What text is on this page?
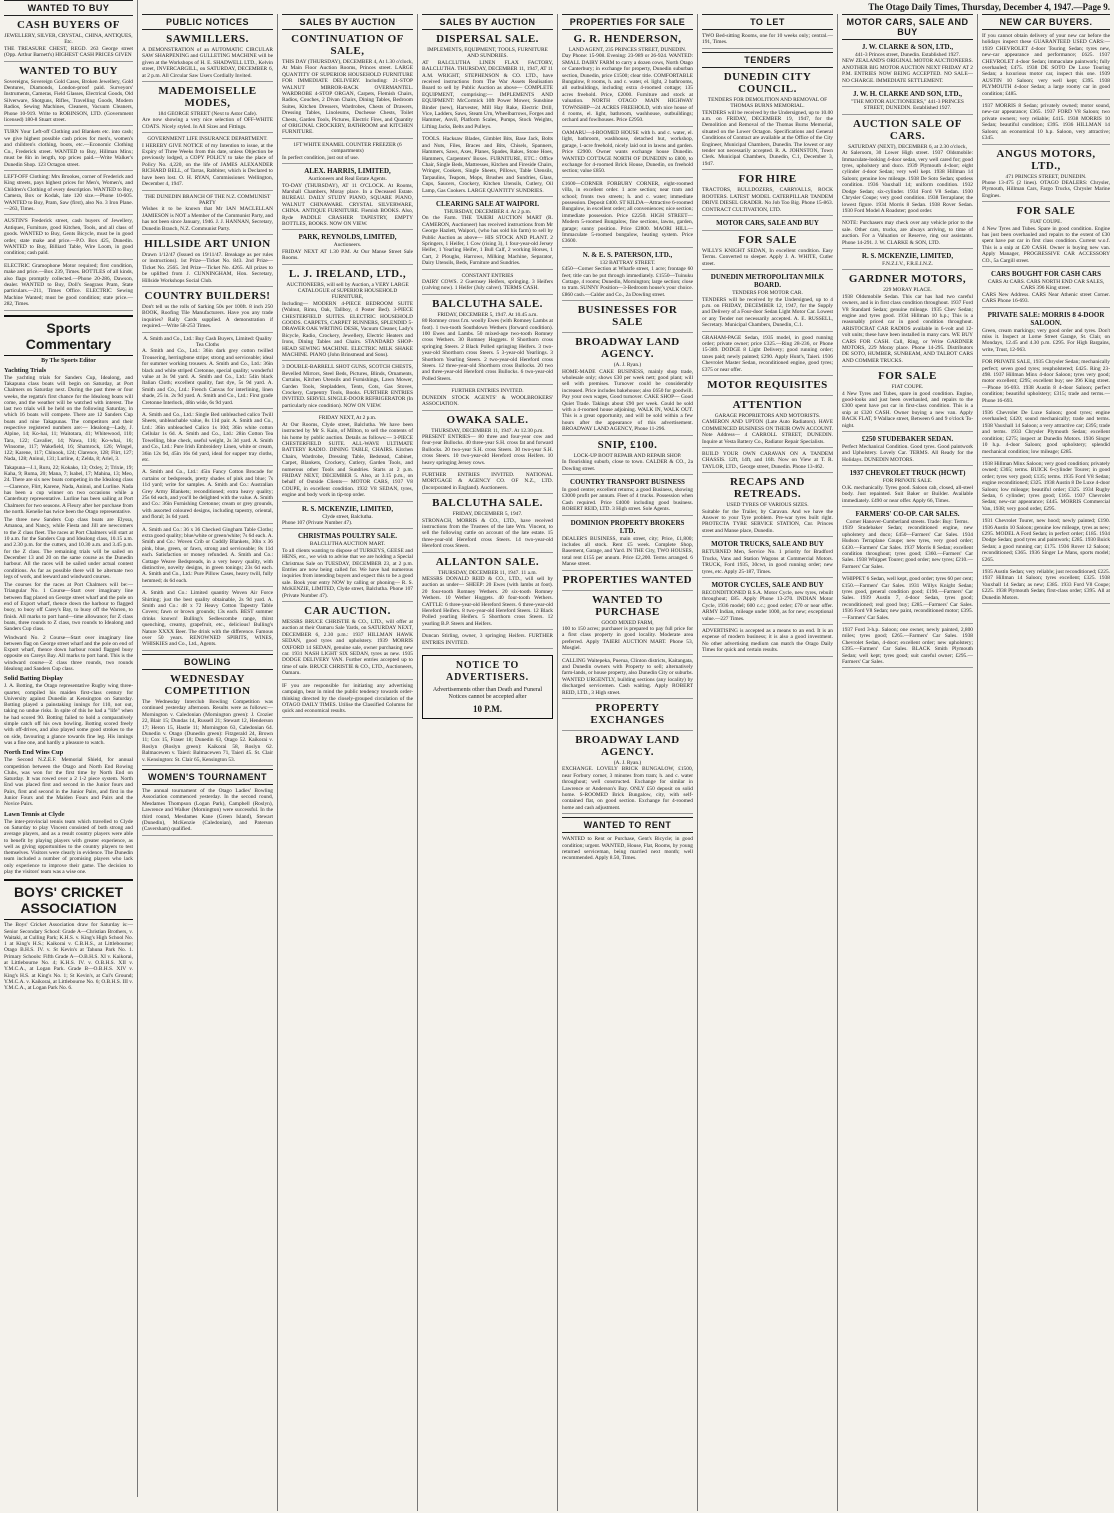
The Otago Daily Times, Thursday, December 4, 1947.—Page 9.
WANTED TO BUY
CASH BUYERS OF
JEWELLERY, SILVER, CRYSTAL, CHINA, ANTIQUES, Etc.
THE TREASURE CHEST, REGD. 263 George street (Opp. Arthur Barnett's) HIGHEST CASH PRICES GIVEN
WANTED TO BUY
Sovereigns, Sovereign Gold Cases, Broken Jewellery, Gold Dentures, Diamonds, London-proof paid. Surveyors' Instruments, Cameras, Field Glasses, Electrical Goods, Old Silverware, Shotguns, Rifles, Travelling Goods, Modern Radios, Sewing Machines, Cleaners, Vacuum Cleaners, Phone 10-919. Write to ROBINSON, LTD. (Government licensed) 180-8 Stuart street.
TURN Your Left-off Clothing and Blankets etc. into cash; we give highest possible cash prices for men's, women's and children's clothing, boots, etc.—Economic Clothing Co., Frederick street. WANTED to Buy, Hillman Minx; must be 8in in length, top prices paid.—Write Walker's Dunedin Shop. 123 Octagon street.
LEFT-OFF Clothing: Mrs Brookes, corner of Frederick and King streets, pays highest prices for Men's, Women's, and Children's Clothing of every description. WANTED to Buy, Camera, Box or Kodak, late 120 size.—Phone 10-605. WANTED to Buy, Pram, Saw (first), also No. 3 Iron Plane.—263, Times.
AUSTIN'S Frederick street, cash buyers of Jewellery, Antiques, Furniture, good Kitchen, Tools, and all class of goods. WANTED to Buy, Gents Bicycle, must be in good order, state make and price.—P.O. Box 425, Dunedin. WANTED to Buy, Billiard Table, Wire Loom, in good condition; cash paid.
ELECTRIC Gramophone Motor required; first condition, make and price.—Box 239, Times. BOTTLES of all kinds, also flags promptly collected.—Phone 20-286, Dawson, dealer. WANTED to Buy, Doll's Seagrass Pram, State particulars.—211, Times Office. ELECTRIC Sewing Machine Wanted; must be good condition; state price.—282, Times.
Sports Commentary
By The Sports Editor
Yachting Trials

The yachting trials for Sanders Cup, Idealong, and Takapuna class boats will begin on Saturday, at Port Chalmers on Saturday next. During the past three or four weeks, the regatta's first chance for the Idealong boats will come, and the weather will be watched with interest. The last two trials will be held on the following Saturday, in which 16 boats will compete. There are 12 Sanders Cup boats and nine Takapunas. The competitors and their respective registered numbers are:— Idealong—Lady, J. Alpine, 14; Ko-hai, 11; Waitotara, 41; Whitewood, 110; Tara, 122; Cavalier, 14; Nawa, 116; Ko-whai, 16; Winsome, 117; Wakefield, 16; Shamrock, 126; Wingel, 122; Karene, 117; Chinook, 124; Clarence, 128; Flirt, 127; Nada, 128; Aninui, 131; Lurline, 4; Zelda, 8; Ariel, 3.

Takapuna—J.1, Ruru, 22; Kokako, 13; Oxley, 2; Trixie, 19; Kaha, 9; Ruma, 20; Mana, 7; Isabel, 17; Mahina, 13; Meo, 24. There are six new boats competing in the Idealong class—Clarence, Flirt, Karene, Nada, Aninui, and Lurline. Nada has been a cup winner on two occasions while a Canterbury representative. Lurline has been sailing at Port Chalmers for two seasons. A Fleury after her purchase from the north. Kenelie has twice been the Otago representative.

The three new Sanders Cup class boats are Elyssa, Amanoa, and Nancy, while Fiesta and Jill are newcomers to the Z class fleet. The races at Port Chalmers will start at 10 a.m. for the Sanders Cup and Idealong class, 10.15 a.m. and 2.30 p.m. for the cutters, and 10.30 a.m. and 3.45 p.m. for the Z class. The remaining trials will be sailed on December 13 and 20 on the same course as the Dunedin harbour. All the races will be sailed under actual contest conditions. As far as possible there will be alternate two legs of work, and leeward and windward courses.

The courses for the races at Port Chalmers will be:— Triangular No. 1 Course—Start over imaginary line between flag placed on George street wharf and the pole on end of Export wharf, thence down the harbour to flagged buoy, to buoy off Carey's Bay, to buoy off the Warren, to finish. All marks to port hand—time allowance; for Z class boats, three rounds to Z class, two rounds to Idealong and Sanders Cup class.

Windward No. 2 Course—Start over imaginary line between flag on George street wharf and the pole on end of Export wharf, thence down harbour round flagged buoy opposite on Careys Bay. All marks to port hand. This is the windward course—Z class three rounds, two rounds Idealong and Sanders Cup class.

Solid Batting Display

J. A. Botting, the Otago representative Rugby wing three-quarter, compiled his maiden first-class century for University against Dunedin at Kensington on Saturday. Botting played a painstaking innings for 110, not out, taking no undue risks. In spite of this he had a "life" when he had scored 90. Botting failed to hold a comparatively simple catch off his own bowling. Botting scored freely with off-drives, and also played some good strokes to the on side, favouring a glance towards fine leg. His innings was a fine one, and hardly a pleasure to watch.

North End Wins Cup

The Second N.Z.E.F. Memorial Shield, for annual competition between the Otago and North End Rowing Clubs, was won for the first time by North End on Saturday. It was rowed over a 2 1-2 piece system. North End was placed first and second in the Junior fours and Pairs, first and second in the Junior Pairs, and first in the Junior Fours and the Maiden Fours and Pairs and the Novice Pairs.

Lawn Tennis at Clyde

The inter-provincial tennis team which travelled to Clyde on Saturday to play Vincent consisted of both strong and average players, and as a result country players were able to benefit by playing players with greater experience, as well as giving opportunities to the country players to test themselves. Visitors were clearly in evidence. The Dunedin team included a number of promising players who lack only experience to improve their game. The decision to play the visitors' team was a wise one.

BOYS' CRICKET ASSOCIATION

The Boys' Cricket Association draw for Saturday is:— Senior Secondary School: Grade A—Christian Brothers, v. Waitaki, at Culling Park; K.H.S. v. King's High School No. 1 at King's H.S.; Kaikorai v. C.B.H.S., at Littlebourne; Otago B.H.S. IV. v. St Kevin's at Tahuna Park No. 1. Primary Schools: Fifth Grade A—O.B.H.S. XI v. Kaikorai, at Littlebourne No. 4; K.H.S. IV. v. O.B.H.S. XII v. Y.M.C.A., at Logan Park. Grade B—O.B.H.S. XIV v. King's H.S. at King's No. 1; St Kevin's, at Cul's Ground; Y.M.C.A. v. Kaikorai, at Littlebourne No. 6; O.B.H.S. III v. Y.M.C.A., at Logan Park No. 6.

PUBLIC NOTICES
SAWMILLERS.
A DEMONSTRATION of an AUTOMATIC CIRCULAR SAW SHARPENING and GULLETING MACHINE will be given at the Workshops of H. E. SHADWELL LTD., Kelvin street, INVERCARGILL, on SATURDAY, DECEMBER 6, at 2 p.m. All Circular Saw Users Cordially Invited.
MADEMOISELLE MODES,
184 GEORGE STREET (Next to Astor Cafe).
Are now showing a very nice selection of OFF-WHITE COATS. Nicely styled. In All Sizes and Fittings.
GOVERNMENT LIFE INSURANCE DEPARTMENT.
I HEREBY GIVE NOTICE of my Intention to issue, at the Expiry of Three Weeks from this date, unless Objection be previously lodged, a COPY POLICY to take the place of Policy No. 4,220, on the life of JAMES ALEXANDER RICHARD BELL, of Tarras, Rabbiter, which is Declared to have been lost. O. H. RYAN, Commissioner. Wellington, December 4, 1947.
THE DUNEDIN BRANCH OF THE N.Z. COMMUNIST PARTY
Wishes it to be known that Mr IAN MACLELLAN JAMIESON is NOT a Member of the Communist Party, and has not been since January, 1946. J. J. HANNAN, Secretary, Dunedin Branch, N.Z. Communist Party.
HILLSIDE ART UNION
Drawn 1/12/47 (Issued on 19/11/47. Breakage as per rules or instructions). 1st Prize—Ticket No. 843. 2nd Prize—Ticket No. 2565. 3rd Prize—Ticket No. 4265. All prizes to be uplifted from J. CUNNINGHAM, Hon. Secretary, Hillside Workshops Social Club.
COUNTRY BUILDERS!
Don't tell us the rolls of Sarking 50s per 100ft. 8 inch 250 BOOK, Roofing Tile Manufacturers. Have you any trade inquiries? Rally Cards supplied. A demonstration if required.—Write 58-253 Times.
A. Smith and Co., Ltd.: Buy Cash Buyers, Limited: Quality Tea Cloths
A. Smith and Co., Ltd.: 36in dark grey cotton twilled Trousering, herringbone stripe; strong and serviceable; ideal for summer working trousers. A. Smith and Co., Ltd.: 36in black and white striped Cretonne, special quality; wonderful value at 3s 9d yard. A. Smith and Co., Ltd.: 54in black Italian Cloth; excellent quality, fast dye, 5s 9d yard. A. Smith and Co., Ltd.: French Canvas for interlining, linen shade, 25 in. 2s 9d yard. A. Smith and Co., Ltd.: First grade Cretonne Interlock, 48in wide, 6s 9d yard.
A. Smith and Co., Ltd.: Single Bed unbleached calico Twill Sheets, unbleachable value, 8s 11d pair. A. Smith and Co., Ltd.: 36in unbleached Calico 1s 10d; 36in white cotton Cellular 1s 6d. A. Smith and Co., Ltd.: 28in Cotton Tea Towelling, blue check, useful weight, 2s 3d yard. A. Smith and Co., Ltd.: Pure Irish Embroidery Linen, white or cream, 36in 12s 9d, 45in 16s 6d yard, ideal for supper tray cloths, etc.
A. Smith and Co., Ltd.: 45in Fancy Cotton Brocade for curtains or bedspreads, pretty shades of pink and blue; 7s 11d yard; write for samples. A. Smith and Co.: Australian Grey Army Blankets; reconditioned; extra heavy quality; 25s 6d each, and you'll be delighted with the value. A. Smith and Co.: 36in Furnishing Cretonne; cream or grey grounds, with assorted coloured designs, including tapestry, oriental, and floral; 3s 6d yard.
A. Smith and Co.: 36 x 36 Checked Gingham Table Cloths; extra good quality; blue/white or green/white; 7s 6d each. A. Smith and Co.: Woven Crib or Cuddly Blankets, 30in x 36 pink, blue, green, or fawn, strong and serviceable; 8s 11d each. Satisfaction or money refunded. A. Smith and Co.: Cottage Weave Bedspreads, in a very heavy quality, with distinctive, novelty designs, in green tonings; 23s 6d each. A. Smith and Co., Ltd.: Pure Pillow Cases, heavy twill, fully hemmed; 4s 6d each.
A. Smith and Co.: Limited quantity Woven Air Force Shirting; just the best quality obtainable, 2s 9d yard. A. Smith and Co.: 48 x 72 Heavy Cotton Tapestry Table Covers; fawn or brown grounds; 13s each. BEST summer drinks known! Bulling's Sedlescombe range, thirst quenching, creamy, grapefruit, etc., delicious! Bulling's Nature XXXX Beer. The drink with the difference. Famous over 50 years. RENOWNED SPIRITS, WINES, WHISKIES and Co., Ltd., Agents.
BOWLING
WEDNESDAY COMPETITION
The Wednesday Interclub Bowling Competition was continued yesterday afternoon. Results were as follows:— Mornington v. Caledonian (Mornington green): J. Crozier 22, Blair 15; Dundas 14, Russell 21; Stewart 12, Henderson 17; Heron 15, Hastie 11; Mornington 63, Caledonian 64. Dunedin v. Otago (Dunedin green): Fitzgerald 24, Brown 11; Cox 15, Fraser 18; Dunedin 63, Otago 52. Kaikorai v. Roslyn (Roslyn green): Kaikorai 58, Roslyn 62. Balmacewen v. Taieri: Balmacewen 71, Taieri 45. St. Clair v. Kensington: St. Clair 65, Kensington 53.
WOMEN'S TOURNAMENT
The annual tournament of the Otago Ladies' Bowling Association commenced yesterday. In the second round, Mesdames Thompson (Logan Park), Campbell (Roslyn), Lawrence and Walker (Mornington) were successful. In the third round, Mesdames Kane (Green Island), Stewart (Dunedin), McKenzie (Caledonian), and Paterson (Caversham) qualified.
SALES BY AUCTION
CONTINUATION OF SALE,
THIS DAY (THURSDAY), DECEMBER 4, At 1.30 o'clock,
At Main Floor Auction Rooms, Princes street. LARGE QUANTITY OF SUPERIOR HOUSEHOLD FURNITURE FOR IMMEDIATE DELIVERY. Including: 21-STOP WALNUT MIRROR-BACK OVERMANTEL. WARDROBE 4-STOP ORGAN, Carpets, Flemish Chairs, Radios, Couches, 2 Divan Chairs, Dining Tables, Bedroom Suites, Kitchen Dressers, Wardrobes, Chests of Drawers, Dressing Tables, Linoleums, Duchesse Chests, Toilet Chests, Garden Tools, Pictures, Electric Fires, and Quantity of ORIGINAL CROCKERY, BATHROOM and KITCHEN FURNITURE.
1FT WHITE ENAMEL COUNTER FREEZER (6 compartments)
In perfect condition, just out of use.
ALEX. HARRIS, LIMITED,
Auctioneers and Real Estate Agents.
TO-DAY (THURSDAY), AT 11 O'CLOCK. At Rooms, Marshall Chambers, Moray place. In a Deceased Estate. BUREAU. DAILY STUDY PIANO, SQUARE PIANO, WALNUT CHINAWARE. CRYSTAL SILVERWARE, CHINA. ANTIQUE FURNITURE. Flemish BOOKS. Also, Ryde PADDLE CRASHER TAPESTRY, EMPTY BOTTLES, BOOKS. NOW ON VIEW.
PARK, REYNOLDS, LIMITED,
Auctioneers.
FRIDAY NEXT AT 1.30 P.M. At Our Manse Street Sale Rooms.
L. J. IRELAND, LTD.,
AUCTIONEERS, will sell by Auction, a VERY LARGE CATALOGUE of SUPERIOR HOUSEHOLD FURNITURE,
Including— MODERN 4-PIECE BEDROOM SUITE (Walnut, Rimu, Oak, Tallboy, 4 Poster Bed). 3-PIECE CHESTERFIELD SUITES. ELECTRIC HOUSEHOLD GOODS. CARPETS, CARPET RUNNERS, SPLENDID 5-DRAWER OAK WRITING DESK, Vacuum Cleaner, Lady's Bicycle, Radio, Crockery, Jewellery, Electric Heaters and Irons, Dining Tables and Chairs. STANDARD SHOP-HEAD SEWING MACHINE. ELECTRIC MILK SHAKE MACHINE. PIANO (John Brinsmead and Sons).
3 DOUBLE-BARRELL SHOT GUNS, SCOTCH CHESTS, Bevelled Mirrors, Steel Beds, Pictures, Blinds, Ornaments, Curtains, Kitchen Utensils and Furnishings, Lawn Mower, Garden Tools, Stepladders, Tents, Cots, Gas Stoves, Crockery, Carpentry Tools, Books. FURTHER ENTRIES INVITED. SERVEL SINGLE-DOOR REFRIGERATOR (In particularly nice condition). NOW ON VIEW.
FRIDAY NEXT, At 2 p.m.
At Our Rooms, Clyde street, Balclutha. We have been instructed by Mr S. Kain, of Milton, to sell the contents of his home by public auction. Details as follows:— 3-PIECE CHESTERFIELD SUITE. ALL-WAVE ULTIMATE BATTERY RADIO. DINING TABLE, CHAIRS. Kitchen Chairs, Wardrobe, Dressing Table, Bedstead, Cabinet, Carpet, Blankets, Crockery, Cutlery, Garden Tools, and numerous other Tools and Sundries. Starts at 2 p.m. FRIDAY NEXT, DECEMBER 5. Also, at 3.15 p.m., on behalf of Outside Clients— MOTOR CARS, 1937 V8 COUPE, in excellent condition. 1932 V8 SEDAN, tyres, engine and body work in tip-top order.
R. S. MCKENZIE, LIMITED,
Clyde street, Balclutha.
Phone 107 (Private Number 47).
CHRISTMAS POULTRY SALE.
BALCLUTHA AUCTION MART.
To all clients wanting to dispose of TURKEYS, GEESE and HENS, etc., we wish to advise that we are holding a Special Christmas Sale on TUESDAY, DECEMBER 23, at 2 p.m. Entries are now being called for. We have had numerous inquiries from intending buyers and expect this to be a good sale. Book your entry NOW by calling or phoning— R. S. McKENZIE, LIMITED, Clyde street, Balclutha. Phone 107 (Private Number 47).
CAR AUCTION.
MESSRS BRUCE CHRISTIE & CO., LTD., will offer at auction at their Oamaru Sale Yards, on SATURDAY NEXT, DECEMBER 6, 2.30 p.m.: 1937 HILLMAN HAWK SEDAN, good tyres and upholstery. 1939 MORRIS OXFORD 14 SEDAN, genuine sale, owner purchasing new car. 1931 NASH LIGHT SIX SEDAN, tyres as new. 1935 DODGE DELIVERY VAN. Further entries accepted up to time of sale. BRUCE CHRISTIE & CO., LTD., Auctioneers, Oamaru.
IF you are responsible for initiating any advertising campaign, bear in mind the public tendency towards order-thinking directed by the closely-grouped circulation of the OTAGO DAILY TIMES. Utilise the Classified Columns for quick and economical results.
SALES BY AUCTION
DISPERSAL SALE.
IMPLEMENTS, EQUIPMENT, TOOLS, FURNITURE AND SUNDRIES.
AT BALCLUTHA LINEN FLAX FACTORY, BALCLUTHA. THURSDAY, DECEMBER 11, 1947, AT 11 A.M. WRIGHT, STEPHENSON & CO. LTD., have received instructions from The War Assets Realisation Board to sell by Public Auction as above— COMPLETE EQUIPMENT, comprising:— IMPLEMENTS AND EQUIPMENT: McCormick 10ft Power Mower, Sunshine Binder (new), Harvester, Mill Hay Rake, Electric Drill, Vice, Ladders, Saws, Steam Urn, Wheelbarrows, Forges and Hammer, Anvil, Platform Scales, Pumps, Stock Weights, Lifting Jacks, Belts and Pulleys.
TOOLS. Hacksaw Blades, Gimblet Bits, Base Jack, Bolts and Nuts, Files, Braces and Bits, Chisels, Spanners, Hammers, Saws, Axes, Planes, Spades, Rakes, Stone Hoes, Hammers, Carpenters' Boxes. FURNITURE, ETC.: Office Chair, Single Beds, Mattresses, Kitchen and Fireside Chairs, Wringer, Cookers, Single Sheets, Pillows, Table Utensils, Tarpaulins, Teapots, Mops, Brushes and Sundries, Glass, Cups, Saucers, Crockery, Kitchen Utensils, Cutlery, Oil Lamp, Gas Cookers. LARGE QUANTITY SUNDRIES.
CLEARING SALE AT WAIPORI.
THURSDAY, DECEMBER 4. At 2 p.m.
On the Farm. THE TAIERI AUCTION MART (R. CAMERON, Auctioneer) has received instructions from Mr George Hazlett, Waipori, (who has sold his farm) to sell by Public Auction as above— HIS STOCK AND PLANT. 2 Springers, 1 Heifer, 1 Cow (rising 3), 1 four-year-old Jersey Heifer, 1 Yearling Heifer, 1 Bull Calf, 2 working Horses, 1 Cart, 2 Ploughs, Harrows, Milking Machine, Separator, Dairy Utensils, Beds, Furniture and Sundries.
CONSTANT ENTRIES
DAIRY COWS. 2 Guernsey Heifers, springing. 3 Heifers (calving now). 1 Heifer (July calver). TERMS CASH.
BALCLUTHA SALE.
FRIDAY, DECEMBER 5, 1947. At 10.45 a.m.
80 Romney cross f.m. woolly Ewes (with Romney Lambs at foot). 1 two-tooth Southdown Wethers (forward condition). 100 Ewes and Lambs. 50 mixed-age two-tooth Romney cross Wethers. 30 Romney Hoggets. 8 Shorthorn cross springing Steers. 2 Black Polled springing Heifers. 3 two-year-old Shorthorn cross Steers. 5 3-year-old Yearlings. 3 Shorthorn Yearling Steers. 2 two-year-old Hereford cross Steers. 12 three-year-old Shorthorn cross Bullocks. 20 two and three-year-old Hereford cross Bullocks. 6 two-year-old Polled Steers.
FURTHER ENTRIES INVITED.
DUNEDIN STOCK AGENTS' & WOOLBROKERS' ASSOCIATION.
OWAKA SALE.
THURSDAY, DECEMBER 11, 1947. At 12.30 p.m.
PRESENT ENTRIES— 80 three and four-year cow and four-year Bullocks. 40 three-year S.H. cross fat and forward Bullocks. 20 two-year S.H. cross Steers. 30 two-year S.H. cross Steers. 10 two-year-old Hereford cross Heifers. 10 heavy springing Jersey cows.
FURTHER ENTRIES INVITED. NATIONAL MORTGAGE & AGENCY CO. OF N.Z., LTD. (Incorporated in England). Auctioneers.
BALCLUTHA SALE.
FRIDAY, DECEMBER 5, 1947.
STRONACH, MORRIS & CO., LTD., have received instructions from the Trustees of the late Wm. Vincent, to sell the following cattle on account of the late estate. 15 three-year-old Hereford cross Steers. 14 two-year-old Hereford cross Steers.
ALLANTON SALE.
THURSDAY, DECEMBER 11, 1947. 11 a.m.
MESSRS DONALD REID & CO., LTD., will sell by auction as under— SHEEP: 20 Ewes (with lambs at foot). 20 four-tooth Romney Wethers. 20 six-tooth Romney Wethers. 10 Wether Hoggets. 40 four-tooth Wethers. CATTLE: 6 three-year-old Hereford Steers. 6 three-year-old Hereford Heifers. 8 two-year-old Hereford Steers. 12 Black Polled yearling Heifers. 5 Shorthorn cross Steers. 12 yearling B.P. Steers and Heifers.
Duncan Stirling, owner, 3 springing Heifers. FURTHER ENTRIES INVITED.
NOTICE TO ADVERTISERS.
Advertisements other than Death and Funeral Notices cannot be accepted after
10 P.M.
PROPERTIES FOR SALE
G. R. HENDERSON,
LAND AGENT, 235 PRINCES STREET, DUNEDIN.
Day Phone: 15-908. Evening: 23-989 or 26-924. WANTED: SMALL DAIRY FARM to carry a dozen cows, North Otago or Canterbury; in exchange for property, Dunedin suburban section, Dunedin, price £1500; clear title. COMFORTABLE Bungalow, 8 rooms, h. and c. water, el. light, 2 bathrooms, all outbuildings, including extra 4-roomed cottage; 135 acres freehold. Price, £2000. Furniture and stock at valuation. NORTH OTAGO MAIN HIGHWAY TOWNSHIP—24 ACRES FREEHOLD, with nice house of 4 rooms, el. light, bathroom, washhouse, outbuildings; orchard and fowlhouses. Price £2950.
OAMARU—4-ROOMED HOUSE with h. and c. water, el. light, bathroom, washhouse, detached hut, workshop, garage, 1-acre freehold, nicely laid out in lawns and garden. Price £2900. Owner wants exchange house Dunedin. WANTED COTTAGE NORTH OF DUNEDIN to £800, to exchange for 4-roomed Brick House, Dunedin, on freehold section; value £850.
£1600—CORNER FORBURY CORNER, eight-roomed villa, in excellent order. 1 acre section; near tram and school; fronts two streets; h. and c. water; immediate possession. Deposit £400. ST KILDA—Attractive 6-roomed Bungalow, in excellent order; all conveniences; nice section; immediate possession. Price £2250. HIGH STREET—Modern 5-roomed Bungalow, fine sections, lawns, garden, garage; sunny position. Price £2800. MAORI HILL—Immaculate 5-roomed bungalow, heating system. Price £3600.
N. & E. S. PATERSON, LTD.,
132 BATTRAY STREET.
£450—Corner Section at Wharfe street, 1 acre; frontage 60 feet; title can be put through immediately. £1550—Tuinuku Cottage, 4 rooms; Dunedin, Mornington; large section; close to tram. SUNNY Position—3-Bedroom house's your choice. £860 cash.—Calder and Co., 2a Dowling street.
BUSINESSES FOR SALE
BROADWAY LAND AGENCY.
(A. J. Ryan.)
HOME-MADE CAKE BUSINESS, mainly shop trade, wholesale only; shows £30 per week nett; good plant; will sell with premises. Turnover could be considerably increased. Price includes bakehouse; also £650 for goodwill. Pay your own wages, Good turnover. CAKE SHOP— Good Quiet Trade. Takings about £90 per week. Could be sold with a 4-roomed house adjoining. WALK IN, WALK OUT. This is a great opportunity, and will be sold within a few hours after the appearance of this advertisement. BROADWAY LAND AGENCY, Phone 11-296.
SNIP, £100.
LOCK-UP BOOT REPAIR AND REPAIR SHOP.
In flourishing suburb, close to town. CALDER & CO., 2a Dowling street.
COUNTRY TRANSPORT BUSINESS
In good centre; excellent returns; a good Business, showing £3000 profit per annum. Fleet of 4 trucks. Possession when Cash required. Price £4000 including good business. ROBERT REID, LTD. 3 High street. Sole Agents.
DOMINION PROPERTY BROKERS LTD.
DEALER'S BUSINESS, main street, city; Price, £1,800; includes all stock. Rent £5 week. Complete Shop, Basement, Garage, and Yard. IN THE City, TWO HOUSES, total rent £155 per annum. Price £2,200. Terms arranged. 6 Manse street.
PROPERTIES WANTED
WANTED TO PURCHASE
GOOD MIXED FARM,
100 to 150 acres; purchaser is prepared to pay full price for a first class property in good locality. Moderate area preferred. Apply TAIERI AUCTION MART. Phone 53, Mosgiel.
CALLING Waitepeka, Puerua, Clinton districts, Kaitangata, and Dunedin owners with Property to sell; alternatively farm-lands, or house property, also Dunedin City or suburbs. WANTED URGENTLY, building sections (any locality) by discharged servicemen. Cash waiting. Apply ROBERT REID, LTD., 3 High street.
PROPERTY EXCHANGES
BROADWAY LAND AGENCY.
(A. J. Ryan.)
EXCHANGE. LOVELY BRICK BUNGALOW, £1500, near Forbury corner, 3 minutes from tram; h. and c. water throughout; well constructed. Exchange for similar in Lawrence or Anderson's Bay. ONLY £50 deposit on solid home. S-ROOMED Brick Bungalow, city, with self-contained flat, on good section. Exchange for 4-roomed home and cash adjustment.
WANTED TO RENT

WANTED to Rent or Purchase, Gent's Bicycle; in good condition; urgent. WANTED, House, Flat, Rooms, by young returned serviceman, being married next month; well recommended. Apply 8.50, Times.

TO LET
TWO Bed-sitting Rooms, one for 10 weeks only; central.—191, Times.
TENDERS
DUNEDIN CITY COUNCIL.
TENDERS FOR DEMOLITION AND REMOVAL OF THOMAS BURNS MEMORIAL.
TENDERS will be received by the Undersigned, up to 10.00 a.m. on FRIDAY, DECEMBER 19, 1947, for the Demolition and Removal of the Thomas Burns Memorial, situated on the Lower Octagon. Specifications and General Conditions of Contract are available at the Office of the City Engineer, Municipal Chambers, Dunedin. The lowest or any tender not necessarily accepted. R. A. JOHNSTON, Town Clerk. Municipal Chambers, Dunedin, C.1, December 3, 1947.
FOR HIRE
TRACTORS, BULLDOZERS, CARRYALLS, ROCK ROOTERS. LATEST MODEL CATERPILLAR TANDEM DRIVE DIESEL GRADER. No Job Too Big. Phone 15-863. CONTRACT CULTIVATION, LTD.
MOTOR CARS, SALE AND BUY
FOR SALE
WILLYS KNIGHT SEDAN, In excellent condition. Easy Terms. Converted to sleeper. Apply J. A. WHITE, Cutler street.
DUNEDIN METROPOLITAN MILK BOARD.
TENDERS FOR MOTOR CAR.
TENDERS will be received by the Undersigned, up to 4 p.m. on FRIDAY, DECEMBER 12, 1947, for the Supply and Delivery of a Four-door Sedan Light Motor Car. Lowest or any Tender not necessarily accepted. A. E. RUSSELL, Secretary. Municipal Chambers, Dunedin, C.1.
GRAHAM-PAGE Sedan, 1935 model, in good running order; private owner; price £325.—Ring 28-236, or Phone 15-389. DODGE 8 Light Delivery; good running order; taxes paid; newly painted; £290. Apply Hunt's, Taieri. 1936 Chevrolet Master Sedan, reconditioned engine, good tyres; £375 or near offer.
MOTOR REQUISITES
ATTENTION
GARAGE PROPRIETORS AND MOTORISTS.
CAMERON AND UPTON (Late Auto Radiators). HAVE COMMENCED BUSINESS ON THEIR OWN ACCOUNT. Note Address— 4 CARROLL STREET, DUNEDIN. Inquire at Vesta Battery Co., Radiator Repair Specialists.
BUILD YOUR OWN CARAVAN ON A TANDEM CHASSIS. 12ft, 14ft, and 16ft. Now on View at T. R. TAYLOR, LTD., George street, Dunedin. Phone 13-462.
RECAPS AND RETREADS.
USED TYRES OF VARIOUS SIZES.
Suitable for the Trailer, by Caravan. And we have the Answer to your Tyre problem. Pre-war tyres built right. PROTECTA TYRE SERVICE STATION, Cnr. Princes street and Manse place, Dunedin.
MOTOR TRUCKS, SALE AND BUY
RETURNED Men, Service No. 1 priority for Bradford Trucks, Vans and Station Wagons at Commercial Motors. TRUCK, Ford 1935, 30cwt, in good running order; new tyres, etc. Apply 25-187, Times.
MOTOR CYCLES, SALE AND BUY
RECONDITIONED B.S.A. Motor Cycle, new tyres, rebuilt throughout; £85. Apply Phone 13-270. INDIAN Motor Cycle, 1936 model; 600 c.c.; good order; £70 or near offer. ARMY Indian, mileage under 1000, as for new; exceptional value.—227 Times.
ADVERTISING is accepted as a means to an end. It is an expense of modern business; it is also a good investment. No other advertising medium can match the Otago Daily Times for quick and certain results.
MOTOR CARS, SALE AND BUY
J. W. CLARKE & SON, LTD.,
441-3 Princes street, Dunedin. Established 1927.
NEW ZEALAND'S ORIGINAL MOTOR AUCTIONEERS. ANOTHER BIG MOTOR AUCTION NEXT FRIDAY AT 2 P.M. ENTRIES NOW BEING ACCEPTED. NO SALE—NO CHARGE. IMMEDIATE SETTLEMENT.
J. W. H. CLARKE AND SON, LTD.,
"THE MOTOR AUCTIONEERS," 441-3 PRINCES STREET, DUNEDIN. Established 1927.
AUCTION SALE OF CARS.
SATURDAY (NEXT), DECEMBER 6, at 2.30 o'clock,
At Saleroom, 30 Lower High street. 1937 Oldsmobile: Immaculate-looking 4-door sedan, very well cared for; good tyres, upholstery and duco. 1939 Plymouth 4-door; eight cylinder 4-door Sedan; very well kept. 1938 Hillman 14 Saloon; genuine low mileage. 1938 De Soto Sedan; spotless condition. 1936 Vauxhall 14; uniform condition. 1932 Dodge Sedan; six-cylinder. 1934 Ford V8 Sedan. 1930 Chrysler Coupe; very good condition. 1938 Terraplane; the lowest figure. 1934 Morris 8 Sedan. 1938 Rover Sedan. 1930 Ford Model A Roadster; good order.
NOTE: Purchasers may check over any vehicle prior to the sale. Other cars, trucks, are always arriving, to time of auction. For a Valuation or Reserve, ring our assistants. Phone 14-291. J. W. CLARKE & SON, LTD.
R. S. MCKENZIE, LIMITED,
F.N.Z.I.V., F.R.E.I.N.Z.
GARDNER MOTORS,
229 MORAY PLACE.
1938 Oldsmobile Sedan. This car has had two careful owners, and is in first class condition throughout. 1937 Ford V8 Standard Sedan; genuine mileage. 1935 Chev Sedan; engine and tyres good. 1934 Hillman 10 h.p.; This is a reasonably priced car in good condition throughout. ARISTOCRAT CAR RADIOS available in 6-volt and 12-volt units; these have been installed in many cars. WE BUY CARS FOR CASH. Call, Ring, or Write GARDNER MOTORS, 229 Moray place. Phone 14-295. Distributors DE SOTO, HUMBER, SUNBEAM, AND TALBOT CARS AND COMMER TRUCKS.
FOR SALE
FIAT COUPE.
4 New Tyres and Tubes, spare in good condition. Engine, good-looks and just been overhauled, and repairs to the £300 spent have put car in first-class condition. This is a snip at £320 CASH. Owner buying a new van. Apply BACK FLAT, 9 Wallace street, Between 6 and 9 o'clock To-night.
£250 STUDEBAKER SEDAN.
Perfect Mechanical Condition. Good tyres. Good paintwork and Upholstery. Lovely Car. TERMS. All Ready for the Holidays. DUNEDIN MOTORS.
1937 CHEVROLET TRUCK (HCWT)
FOR PRIVATE SALE.
O.K. mechanically. Tyres good. Saloon cab, closed, all-steel body. Just repainted. Suit Baker or Builder. Available immediately. £490 or near offer. Apply 66, Times.
FARMERS' CO-OP. CAR SALES.
Corner Hanover-Cumberland streets. Trade: Buy: Terms.
1939 Studebaker Sedan; reconditioned engine, new upholstery and duco; £450—Farmers' Car Sales. 1934 Hudson Terraplane Coupe; new tyres, very good order; £430.—Farmers' Car Sales. 1937 Morris 8 Sedan; excellent condition throughout; tyres good; £360.—Farmers' Car Sales. 1938 Whippet Tourer; good order; new tyres; £210.—Farmers' Car Sales.
WHIPPET 6 Sedan, well kept, good order; tyres 60 per cent; £150.—Farmers' Car Sales. 1931 Willys Knight Sedan; tyres good, general condition good; £190.—Farmers' Car Sales. 1939 Austin 7, 4-door Sedan, tyres good; reconditioned; real good buy; £285.—Farmers' Car Sales. 1936 Ford V8 Sedan; new paint, reconditioned motor; £395.—Farmers' Car Sales.
1937 Ford 3-h.p. Saloon; one owner, newly painted, 2,800 miles; tyres good; £265.—Farmers' Car Sales. 1938 Chevrolet Sedan, 4-door; excellent order; new upholstery; £395.—Farmers' Car Sales. BLACK Smith Plymouth Sedan; well kept; tyres good; suit careful owner; £295.—Farmers' Car Sales.
NEW CAR BUYERS.
If you cannot obtain delivery of your new car before the holidays inspect these GUARANTEED USED CARS:— 1939 CHEVROLET 4-door Touring Sedan; tyres new, new-car appearance and performance; £625. 1937 CHEVROLET 4-door Sedan; immaculate paintwork; fully overhauled; £475. 1938 DE SOTO De Luxe Touring Sedan; a luxurious motor car, inspect this one. 1939 AUSTIN 10 Saloon; very well kept; £395. 1938 PLYMOUTH 4-door Sedan; a large roomy car in good condition; £485.
1937 MORRIS 8 Sedan; privately owned; motor sound, new-car appearance; £365. 1937 FORD V8 Saloon; two private owners; very reliable; £415. 1938 MORRIS 10 Sedan; beautiful condition; £395. 1936 HILLMAN 14 Saloon; an economical 10 h.p. Saloon, very attractive; £345.
ANGUS MOTORS, LTD.,
471 PRINCES STREET, DUNEDIN.
Phone 13-475 (2 lines). OTAGO DEALERS: Chrysler, Plymouth, Hillman Cars, Fargo Trucks, Chrysler Marine Engines.
FOR SALE
FIAT COUPE.
4 New Tyres and Tubes. Spare in good condition. Engine has just been overhauled and repairs to the extent of £30 spent have put car in first class condition. Current w.o.f. This is a snip at £20 CASH. Owner is buying new van. Apply Manager, PROGRESSIVE CAR ACCESSORY CO., 5a Cargill street.
CARS BOUGHT FOR CASH CARS
CARS At CARS. CARS NORTH END CAR SALES, CARS 396 King street.
CARS New Address. CARS Near Athenic street Corner. CARS Phone 16-693.
PRIVATE SALE: MORRIS 8 4-DOOR SALOON.
Green, cream markings; very good order and tyres. Don't miss it. Inspect at Lorne Street Garage, St. Clair, on Mondays, 12.45 and 4.30 p.m. £295. For High Bargains, write, Trust, 12-963.
FOR PRIVATE SALE, 1935 Chrysler Sedan; mechanically perfect; seven good tyres; reupholstered; £425. Ring 23-498. 1937 Hillman Minx 4-door Saloon; tyres very good; motor excellent; £295; excellent buy; see 396 King street.—Phone 16-693. 1938 Austin 8 4-door Saloon; perfect condition; beautiful upholstery; £315; trade and terms.—Phone 16-693.
1936 Chevrolet De Luxe Saloon; good tyres; engine overhauled; £420; sound mechanically; trade and terms. 1938 Vauxhall 14 Saloon; a very attractive car; £395; trade and terms. 1933 Chrysler Plymouth Sedan; excellent condition; £275; inspect at Dunedin Motors. 1936 Singer 10 h.p. 4-door Saloon; good upholstery; splendid mechanical condition; low mileage; £285.
1938 Hillman Minx Saloon; very good condition; privately owned; £365; terms. BUICK 6-cylinder Tourer; in good order; tyres very good; £135; terms. 1935 Ford V8 Sedan; engine reconditioned; £325. 1938 Austin 8 De Luxe 4-door Saloon; low mileage; beautiful order; £325. 1934 Rugby Sedan, 6 cylinder; tyres good; £165. 1937 Chevrolet Sedan; new-car appearance; £445. MORRIS Commercial Van, 1938; very good order, £295.
1931 Chevrolet Tourer, new hood; newly painted; £190. 1936 Austin 10 Saloon; genuine low mileage, tyres as new; £295. MODEL A Ford Sedan; in perfect order; £185. 1934 Dodge Sedan; good tyres and paintwork; £285. 1930 Buick Sedan; a good running car; £175. 1936 Rover 12 Saloon; reconditioned; £365. 1936 Singer Le Mans, sports model; £265.
1935 Austin Sedan; very reliable; just reconditioned; £225. 1937 Hillman 14 Saloon; tyres excellent; £325. 1938 Vauxhall 14 Sedan; as new; £385. 1933 Ford V8 Coupe; £225. 1938 Plymouth Sedan; first-class order; £395. All at Dunedin Motors.
